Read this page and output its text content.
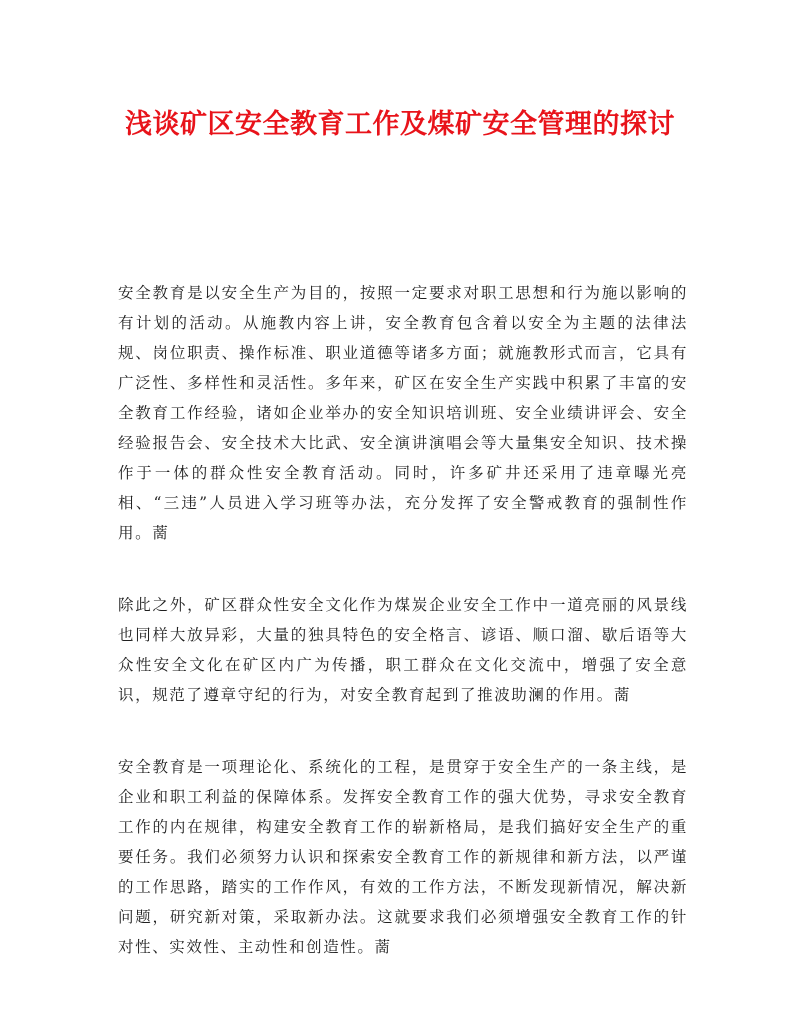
浅谈矿区安全教育工作及煤矿安全管理的探讨

安全教育是以安全生产为目的，按照一定要求对职工思想和行为施以影响的有计划的活动。从施教内容上讲，安全教育包含着以安全为主题的法律法规、岗位职责、操作标准、职业道德等诸多方面；就施教形式而言，它具有广泛性、多样性和灵活性。多年来，矿区在安全生产实践中积累了丰富的安全教育工作经验，诸如企业举办的安全知识培训班、安全业绩讲评会、安全经验报告会、安全技术大比武、安全演讲演唱会等大量集安全知识、技术操作于一体的群众性安全教育活动。同时，许多矿井还采用了违章曝光亮相、“三违”人员进入学习班等办法，充分发挥了安全警戒教育的强制性作用。蔐

除此之外，矿区群众性安全文化作为煤炭企业安全工作中一道亮丽的风景线也同样大放异彩，大量的独具特色的安全格言、谚语、顺口溜、歇后语等大众性安全文化在矿区内广为传播，职工群众在文化交流中，增强了安全意识，规范了遵章守纪的行为，对安全教育起到了推波助澜的作用。蔐

安全教育是一项理论化、系统化的工程，是贯穿于安全生产的一条主线，是企业和职工利益的保障体系。发挥安全教育工作的强大优势，寻求安全教育工作的内在规律，构建安全教育工作的崭新格局，是我们搞好安全生产的重要任务。我们必须努力认识和探索安全教育工作的新规律和新方法，以严谨的工作思路，踏实的工作作风，有效的工作方法，不断发现新情况，解决新问题，研究新对策，采取新办法。这就要求我们必须增强安全教育工作的针对性、实效性、主动性和创造性。蔐
